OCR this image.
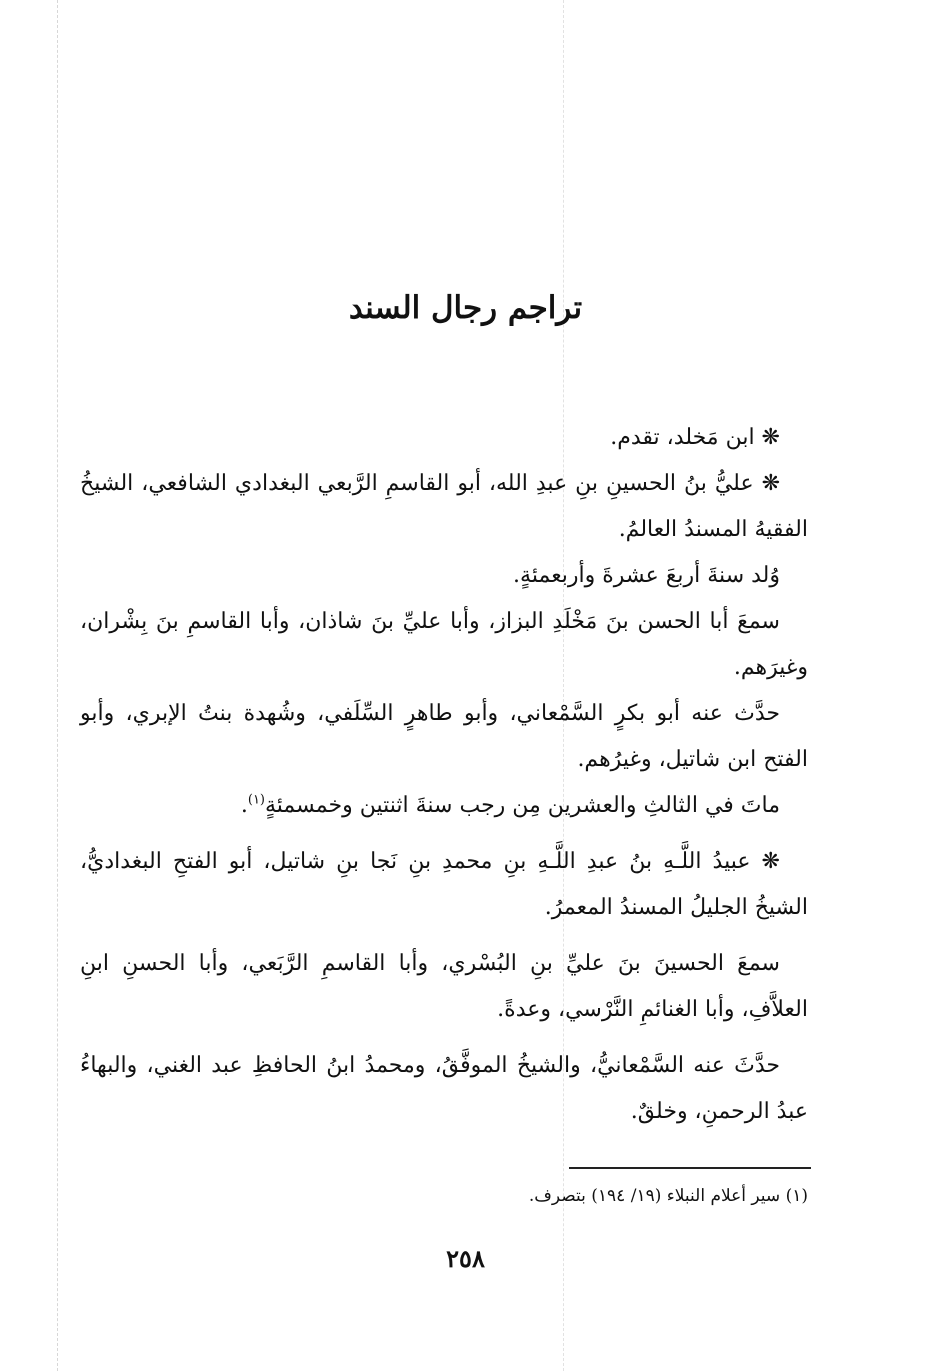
تراجم رجال السند

❋ ابن مَخلد، تقدم.

❋ عليُّ بنُ الحسينِ بنِ عبدِ الله، أبو القاسمِ الرَّبعي البغدادي الشافعي، الشيخُ الفقيهُ المسندُ العالمُ.

وُلد سنةَ أربعَ عشرةَ وأربعمئةٍ.

سمعَ أبا الحسن بنَ مَخْلَدِ البزاز، وأبا عليِّ بنَ شاذان، وأبا القاسمِ بنَ بِشْران، وغيرَهم.

حدَّث عنه أبو بكرٍ السَّمْعاني، وأبو طاهرٍ السِّلَفي، وشُهدة بنتُ الإبري، وأبو الفتح ابن شاتيل، وغيرُهم.

ماتَ في الثالثِ والعشرين مِن رجب سنةَ اثنتين وخمسمئةٍ$^{(١)}$.

❋ عبيدُ اللَّـهِ بنُ عبدِ اللَّـهِ بنِ محمدِ بنِ نَجا بنِ شاتيل، أبو الفتحِ البغداديُّ، الشيخُ الجليلُ المسندُ المعمرُ.

سمعَ الحسينَ بنَ عليِّ بنِ البُسْري، وأبا القاسمِ الرَّبَعي، وأبا الحسنِ ابنِ العلاَّفِ، وأبا الغنائمِ النَّرْسي، وعدةً.

حدَّثَ عنه السَّمْعانيُّ، والشيخُ الموفَّقُ، ومحمدُ ابنُ الحافظِ عبد الغني، والبهاءُ عبدُ الرحمنِ، وخلقٌ.

(١) سير أعلام النبلاء (١٩/ ١٩٤) بتصرف.

٢٥٨
